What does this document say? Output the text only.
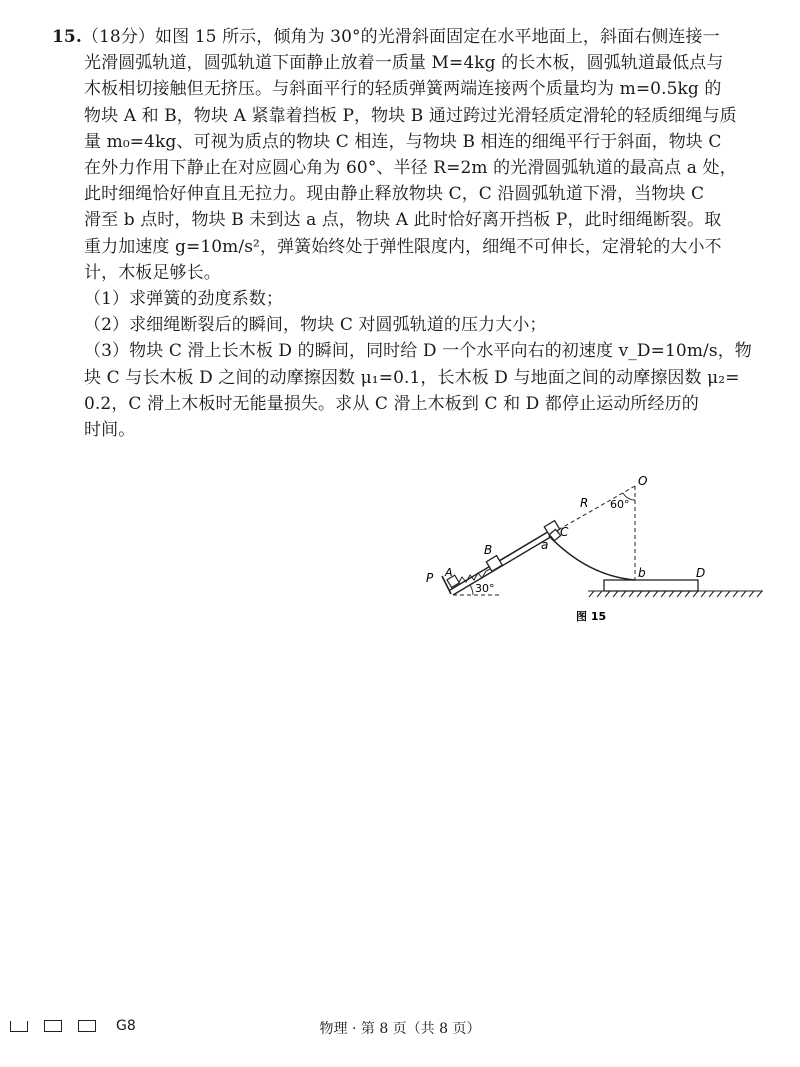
15.（18分）如图 15 所示，倾角为 30°的光滑斜面固定在水平地面上，斜面右侧连接一
光滑圆弧轨道，圆弧轨道下面静止放着一质量 M=4kg 的长木板，圆弧轨道最低点与
木板相切接触但无挤压。与斜面平行的轻质弹簧两端连接两个质量均为 m=0.5kg 的
物块 A 和 B，物块 A 紧靠着挡板 P，物块 B 通过跨过光滑轻质定滑轮的轻质细绳与质
量 m₀=4kg、可视为质点的物块 C 相连，与物块 B 相连的细绳平行于斜面，物块 C
在外力作用下静止在对应圆心角为 60°、半径 R=2m 的光滑圆弧轨道的最高点 a 处，
此时细绳恰好伸直且无拉力。现由静止释放物块 C，C 沿圆弧轨道下滑，当物块 C
滑至 b 点时，物块 B 未到达 a 点，物块 A 此时恰好离开挡板 P，此时细绳断裂。取
重力加速度 g=10m/s²，弹簧始终处于弹性限度内，细绳不可伸长，定滑轮的大小不
计，木板足够长。
（1）求弹簧的劲度系数；
（2）求细绳断裂后的瞬间，物块 C 对圆弧轨道的压力大小；
（3）物块 C 滑上长木板 D 的瞬间，同时给 D 一个水平向右的初速度 v_D=10m/s，物
块 C 与长木板 D 之间的动摩擦因数 μ₁=0.1，长木板 D 与地面之间的动摩擦因数 μ₂=
0.2，C 滑上木板时无能量损失。求从 C 滑上木板到 C 和 D 都停止运动所经历的
时间。
O
R 60°
C
a
B
P A
30°
b	D
图 15
G8	物理 · 第 8 页（共 8 页）
